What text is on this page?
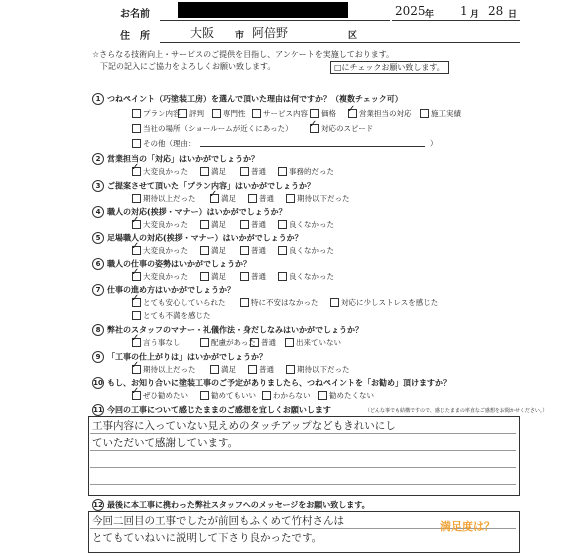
お名前	2025 年 1 月 28 日
住　所	大阪 市 阿倍野	区
☆さらなる技術向上・サービスのご提供を目指し、アンケートを実施しております。
下記の記入にご協力をよろしくお願い致します。	□にチェックお願い致します。
1 つねペイント（巧塗装工房）を選んで頂いた理由は何ですか？（複数チェック可）
プラン内容	評判	専門性	サービス内容	価格	営業担当の対応
✓	施工実績
当社の場所（ショールームが近くにあった）	対応のスピード
✓
その他（理由：	）
2 営業担当の「対応」はいかがでしょうか？
大変良かった
✓	満足	普通	事務的だった
3 ご提案させて頂いた「プラン内容」はいかがでしょうか？
期待以上だった	満足
✓	普通	期待以下だった
4 職人の対応(挨拶・マナー）はいかがでしょうか？
大変良かった
✓	満足	普通	良くなかった
5 足場職人の対応(挨拶・マナー）はいかがでしょうか？
大変良かった
✓	満足	普通	良くなかった
6 職人の仕事の姿勢はいかがでしょうか？
大変良かった
✓	満足	普通	良くなかった
7 仕事の進め方はいかがでしょうか？
とても安心していられた
✓	特に不安はなかった	対応に少しストレスを感じた
とても不満を感じた
8 弊社のスタッフのマナー・礼儀作法・身だしなみはいかがでしょうか？
言う事なし
✓	配慮があった 普通	出来ていない
9 「工事の仕上がりは」はいかがでしょうか？
期待以上だった
✓	満足	普通	期待以下だった
10 もし、お知り合いに塗装工事のご予定がありましたら、つねペイントを「お勧め」頂けますか？
ぜひ勧めたい
✓	勧めてもいい	わからない	勧めたくない
11 今回の工事について感じたままのご感想を宜しくお願いします	（どんな事でも結構ですので、感じたままの率直なご感想をお聞かせください。）
工事内容に入っていない見えめのタッチアップなどもきれいにし
ていただいて感謝しています。
12 最後に本工事に携わった弊社スタッフへのメッセージをお願い致します。
今回二回目の工事でしたが前回もふくめて竹村さんは
とてもていねいに説明して下さり良かったです。
満足度は？
